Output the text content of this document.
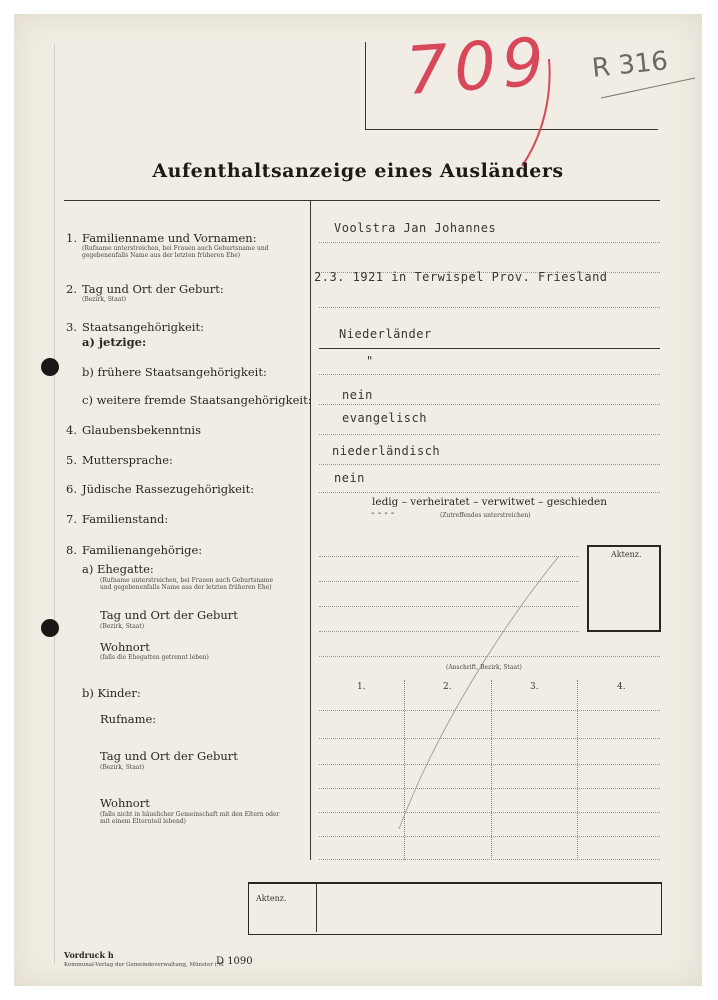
709 R 316
Aufenthaltsanzeige eines Ausländers
1.	2.	3.	4.
Aktenz.
1. Familienname und Vornamen:
(Rufname unterstreichen, bei Frauen auch Geburtsname und
gegebenenfalls Name aus der letzten früheren Ehe)
Voolstra Jan Johannes
2. Tag und Ort der Geburt:
(Bezirk, Staat)
2.3. 1921 in Terwispel Prov. Friesland
3. Staatsangehörigkeit:
a) jetzige:
Niederländer
b) frühere Staatsangehörigkeit:
"
c) weitere fremde Staatsangehörigkeit:	nein
4. Glaubensbekenntnis
evangelisch
5. Muttersprache:
niederländisch
6. Jüdische Rassezugehörigkeit:
nein
7. Familienstand:
ledig – verheiratet – verwitwet – geschieden
----	(Zutreffendes unterstreichen)
8. Familienangehörige:
a) Ehegatte:
(Rufname unterstreichen, bei Frauen auch Geburtsname
und gegebenenfalls Name aus der letzten früheren Ehe)
Tag und Ort der Geburt
(Bezirk, Staat)
Wohnort
(falls die Ehegatten getrennt leben)
(Anschrift, Bezirk, Staat)
b) Kinder:
Rufname:
Tag und Ort der Geburt
(Bezirk, Staat)
Wohnort
(falls nicht in häuslicher Gemeinschaft mit den Eltern oder
mit einem Elternteil lebend)
Aktenz.
Vordruck h
Kommunal-Verlag der Gemeindeverwaltung, Münster i.W.
D 1090
